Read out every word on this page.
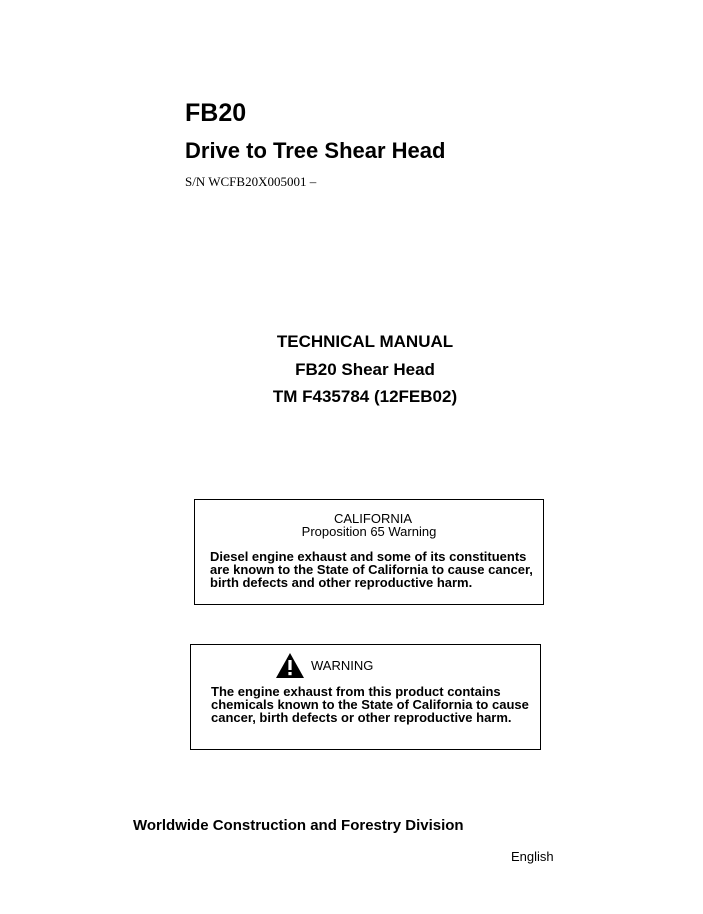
FB20
Drive to Tree Shear Head
S/N WCFB20X005001 –
TECHNICAL MANUAL
FB20 Shear Head
TM F435784 (12FEB02)
CALIFORNIA
Proposition 65 Warning
Diesel engine exhaust and some of its constituents
are known to the State of California to cause cancer,
birth defects and other reproductive harm.
WARNING
The engine exhaust from this product contains
chemicals known to the State of California to cause
cancer, birth defects or other reproductive harm.
Worldwide Construction and Forestry Division
English
